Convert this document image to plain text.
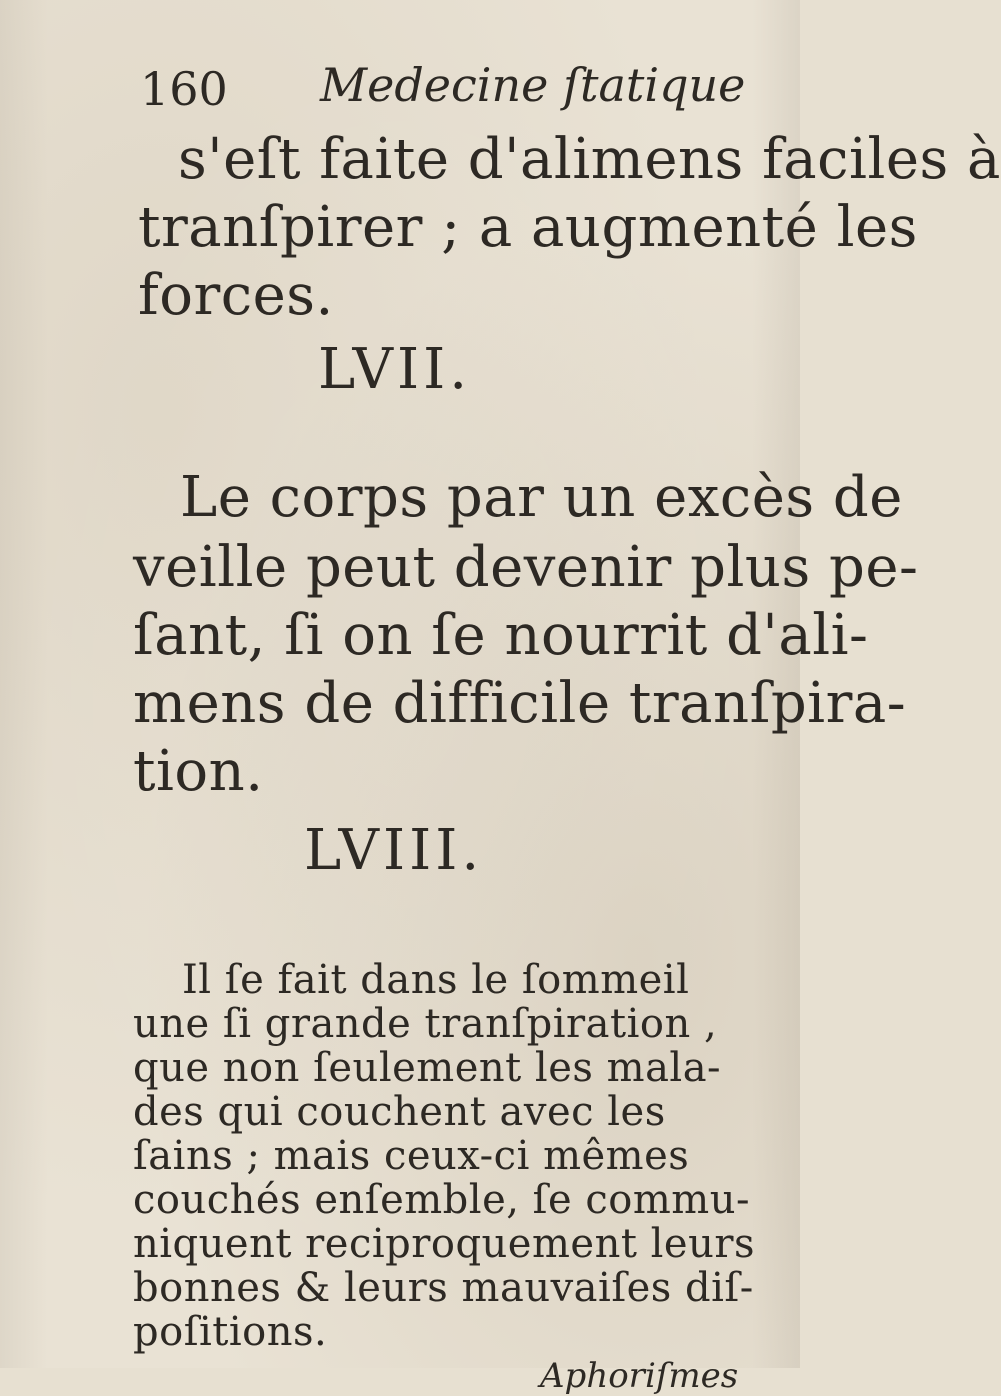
160 Medecine ſtatique
s'eſt faite d'alimens faciles à
tranſpirer ; a augmenté les
forces.
LVII.
Le corps par un excès de
veille peut devenir plus pe-
ſant, ſi on ſe nourrit d'ali-
mens de difficile tranſpira-
tion.
LVIII.
Il ſe fait dans le ſommeil
une ſi grande tranſpiration ,
que non ſeulement les mala-
des qui couchent avec les
ſains ; mais ceux-ci mêmes
couchés enſemble, ſe commu-
niquent reciproquement leurs
bonnes & leurs mauvaiſes diſ-
poſitions.
Aphoriſmes
